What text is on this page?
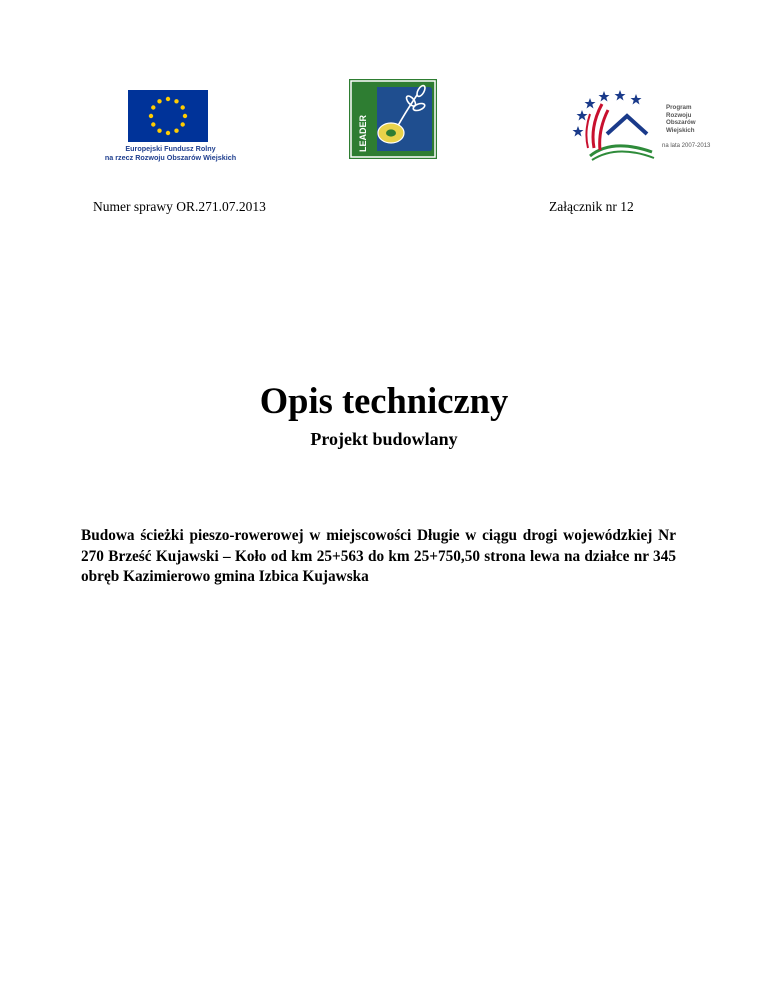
Europejski Fundusz Rolny
na rzecz Rozwoju Obszarów Wiejskich
LEADER
Program
Rozwoju
Obszarów
Wiejskich
na lata 2007-2013
Numer sprawy OR.271.07.2013	Załącznik nr 12
Opis techniczny
Projekt budowlany
Budowa ścieżki pieszo-rowerowej w miejscowości Długie w ciągu drogi wojewódzkiej Nr 270 Brześć Kujawski – Koło od km 25+563 do km 25+750,50 strona lewa na działce nr 345 obręb Kazimierowo gmina Izbica Kujawska
